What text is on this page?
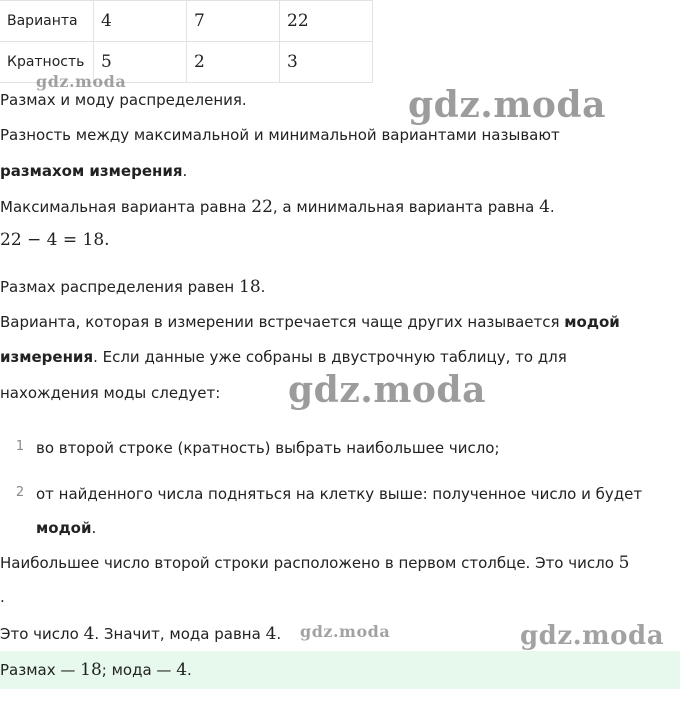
Варианта	4	7	22
Кратность	5	2	3
Размах и моду распределения.
Разность между максимальной и минимальной вариантами называют
размахом измерения.
Максимальная варианта равна 22, а минимальная варианта равна 4.
22 − 4 = 18.
Размах распределения равен 18.
Варианта, которая в измерении встречается чаще других называется модой
измерения. Если данные уже собраны в двустрочную таблицу, то для
нахождения моды следует:
1 во второй строке (кратность) выбрать наибольшее число;
2 от найденного числа подняться на клетку выше: полученное число и будет
модой.
Наибольшее число второй строки расположено в первом столбце. Это число 5
.
Это число 4. Значит, мода равна 4.
Размах — 18; мода — 4.
gdz.moda
gdz.moda
gdz.moda
gdz.moda	gdz.moda
